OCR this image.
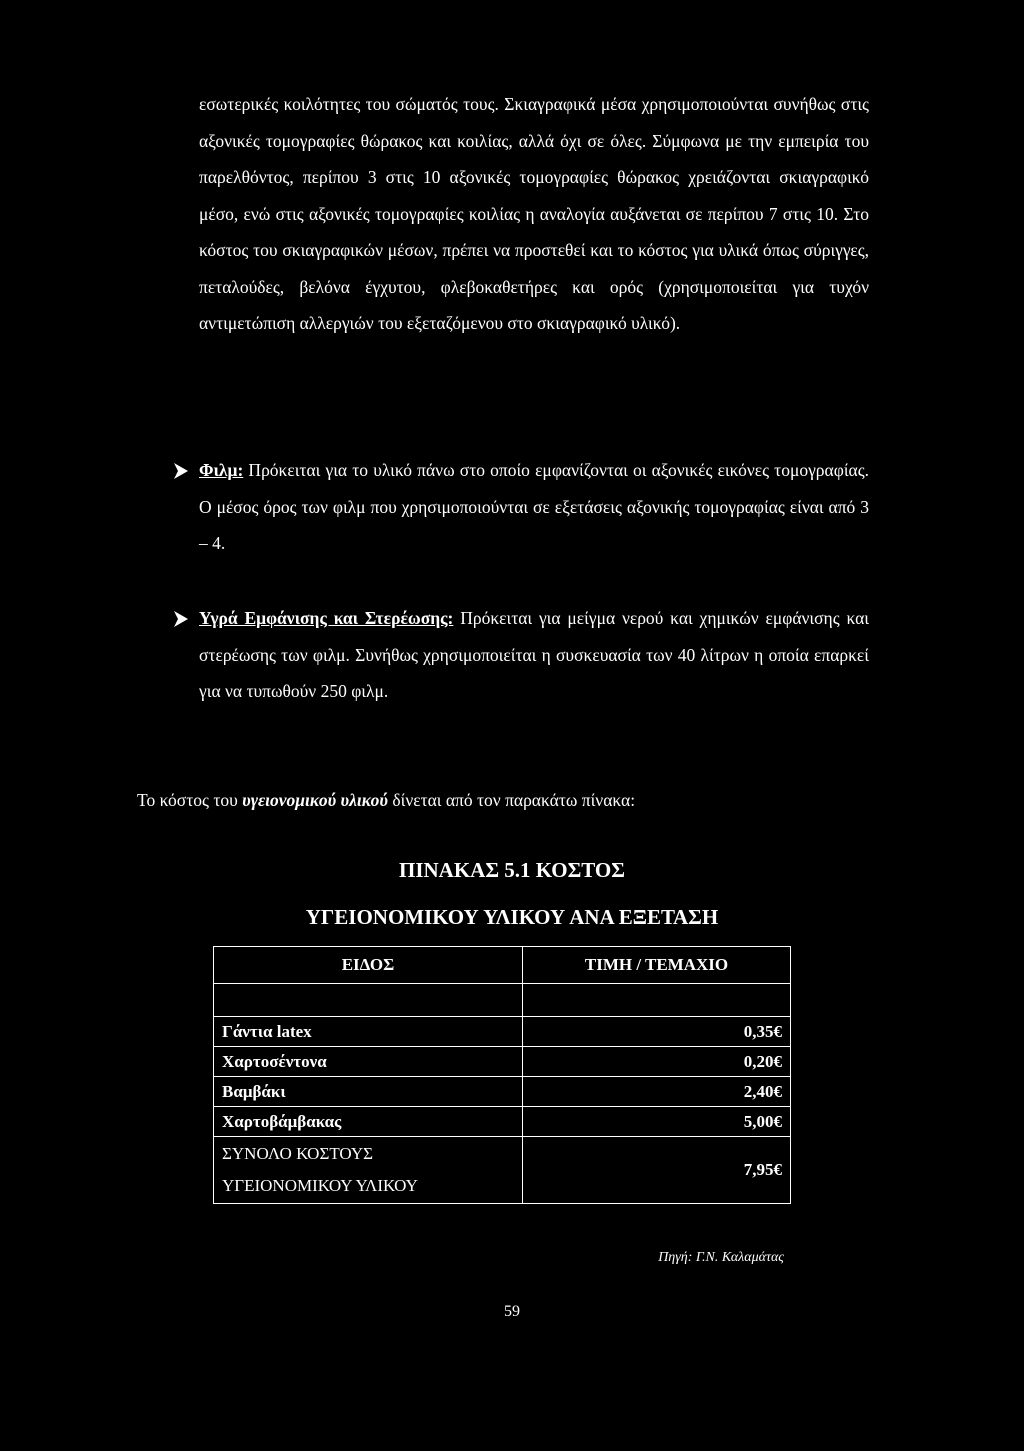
εσωτερικές κοιλότητες του σώματός τους. Σκιαγραφικά μέσα χρησιμοποιούνται συνήθως στις αξονικές τομογραφίες θώρακος και κοιλίας, αλλά όχι σε όλες. Σύμφωνα με την εμπειρία του παρελθόντος, περίπου 3 στις 10 αξονικές τομογραφίες θώρακος χρειάζονται σκιαγραφικό μέσο, ενώ στις αξονικές τομογραφίες κοιλίας η αναλογία αυξάνεται σε περίπου 7 στις 10. Στο κόστος του σκιαγραφικών μέσων, πρέπει να προστεθεί και το κόστος για υλικά όπως σύριγγες, πεταλούδες, βελόνα έγχυτου, φλεβοκαθετήρες και ορός (χρησιμοποιείται για τυχόν αντιμετώπιση αλλεργιών του εξεταζόμενου στο σκιαγραφικό υλικό).

Φιλμ: Πρόκειται για το υλικό πάνω στο οποίο εμφανίζονται οι αξονικές εικόνες τομογραφίας. Ο μέσος όρος των φιλμ που χρησιμοποιούνται σε εξετάσεις αξονικής τομογραφίας είναι από 3 – 4.

Υγρά Εμφάνισης και Στερέωσης: Πρόκειται για μείγμα νερού και χημικών εμφάνισης και στερέωσης των φιλμ. Συνήθως χρησιμοποιείται η συσκευασία των 40 λίτρων η οποία επαρκεί για να τυπωθούν 250 φιλμ.

Το κόστος του υγειονομικού υλικού δίνεται από τον παρακάτω πίνακα:
ΠΙΝΑΚΑΣ 5.1 ΚΟΣΤΟΣ
ΥΓΕΙΟΝΟΜΙΚΟΥ ΥΛΙΚΟΥ ΑΝΑ ΕΞΕΤΑΣΗ
ΕΙΔΟΣ	ΤΙΜΗ / ΤΕΜΑΧΙΟ

Γάντια latex	0,35€
Χαρτοσέντονα	0,20€
Βαμβάκι	2,40€
Χαρτοβάμβακας	5,00€
ΣΥΝΟΛΟ ΚΟΣΤΟΥΣ
ΥΓΕΙΟΝΟΜΙΚΟΥ ΥΛΙΚΟΥ	7,95€
Πηγή: Γ.Ν. Καλαμάτας
59
